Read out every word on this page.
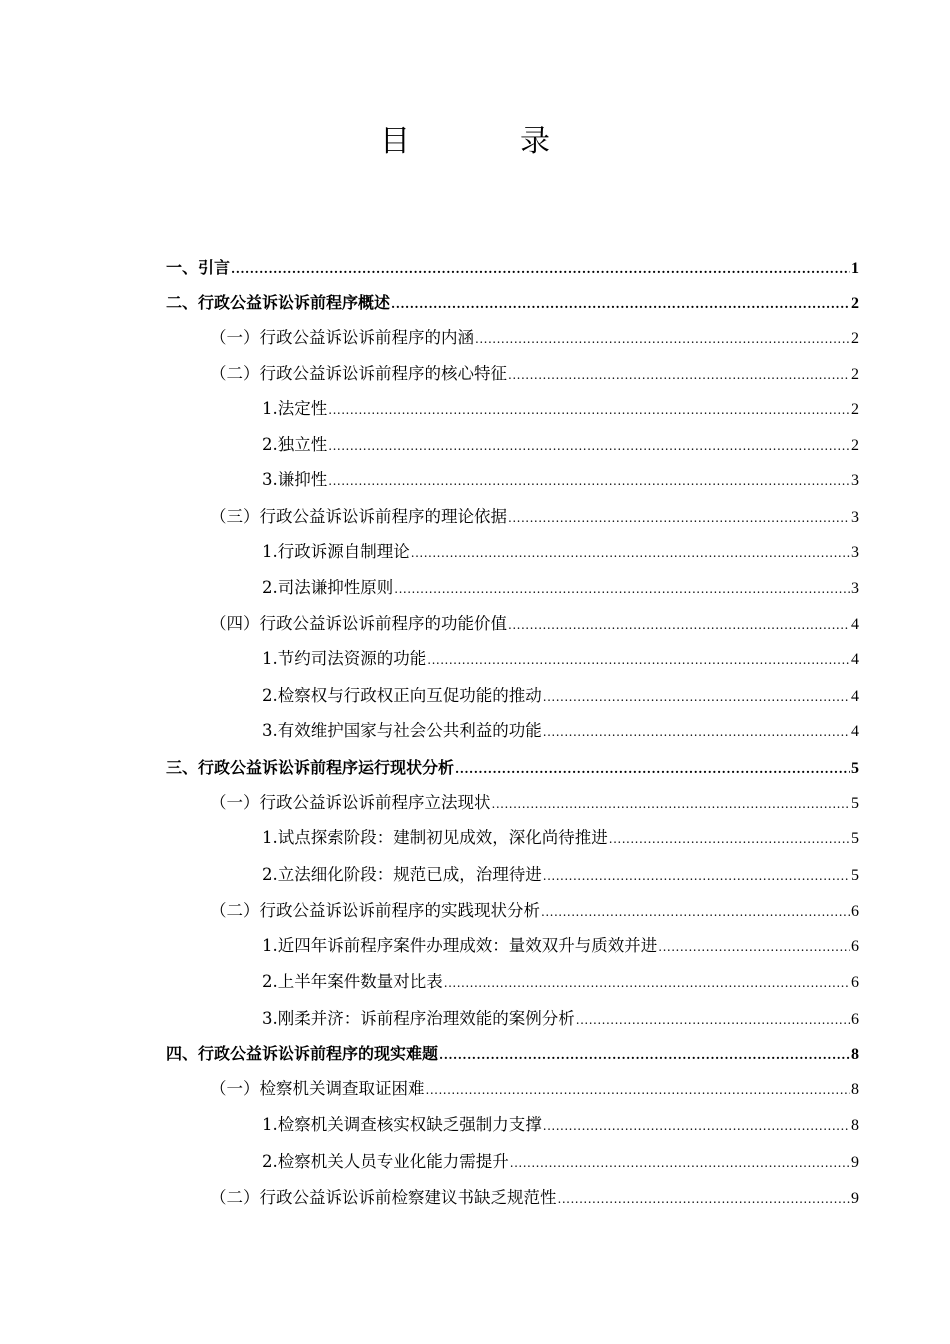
目　录
一、引言 .....	1
二、行政公益诉讼诉前程序概述 .....	2
（一）行政公益诉讼诉前程序的内涵 .....	2
（二）行政公益诉讼诉前程序的核心特征 .....	2
1.法定性 .....	2
2.独立性 .....	2
3.谦抑性 .....	3
（三）行政公益诉讼诉前程序的理论依据 .....	3
1.行政诉源自制理论 .....	3
2.司法谦抑性原则 .....	3
（四）行政公益诉讼诉前程序的功能价值 .....	4
1.节约司法资源的功能 .....	4
2.检察权与行政权正向互促功能的推动 .....	4
3.有效维护国家与社会公共利益的功能 .....	4
三、行政公益诉讼诉前程序运行现状分析 .....	5
（一）行政公益诉讼诉前程序立法现状 .....	5
1.试点探索阶段：建制初见成效，深化尚待推进 .....	5
2.立法细化阶段：规范已成，治理待进 .....	5
（二）行政公益诉讼诉前程序的实践现状分析 .....	6
1.近四年诉前程序案件办理成效：量效双升与质效并进 .....	6
2.上半年案件数量对比表 .....	6
3.刚柔并济：诉前程序治理效能的案例分析 .....	6
四、行政公益诉讼诉前程序的现实难题 .....	8
（一）检察机关调查取证困难 .....	8
1.检察机关调查核实权缺乏强制力支撑 .....	8
2.检察机关人员专业化能力需提升 .....	9
（二）行政公益诉讼诉前检察建议书缺乏规范性 .....	9
